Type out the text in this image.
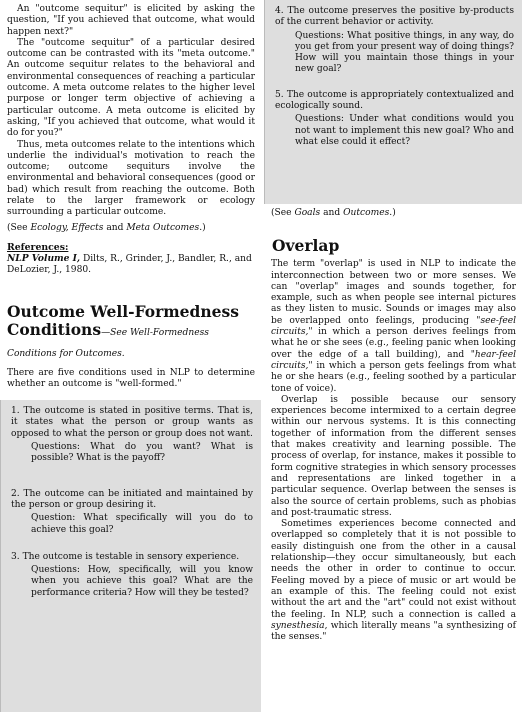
An "outcome sequitur" is elicited by asking the question, "If you achieved that outcome, what would happen next?"

The "outcome sequitur" of a particular desired outcome can be contrasted with its "meta outcome." An outcome sequitur relates to the behavioral and environmental consequences of reaching a particular outcome. A meta outcome relates to the higher level purpose or longer term objective of achieving a particular outcome. A meta outcome is elicited by asking, "If you achieved that outcome, what would it do for you?"

Thus, meta outcomes relate to the intentions which underlie the individual's motivation to reach the outcome; outcome sequiturs involve the environmental and behavioral consequences (good or bad) which result from reaching the outcome. Both relate to the larger framework or ecology surrounding a particular outcome.

(See Ecology, Effects and Meta Outcomes.)

References:
NLP Volume I, Dilts, R., Grinder, J., Bandler, R., and DeLozier, J., 1980.
Outcome Well-Formedness
Conditions—See Well-Formedness Conditions for Outcomes.

There are five conditions used in NLP to determine whether an outcome is "well-formed."

1. The outcome is stated in positive terms. That is, it states what the person or group wants as opposed to what the person or group does not want.
Questions: What do you want? What is possible? What is the payoff?
2. The outcome can be initiated and maintained by the person or group desiring it.
Question: What specifically will you do to achieve this goal?
3. The outcome is testable in sensory experience.
Questions: How, specifically, will you know when you achieve this goal? What are the performance criteria? How will they be tested?
4. The outcome preserves the positive by-products of the current behavior or activity.
Questions: What positive things, in any way, do you get from your present way of doing things? How will you maintain those things in your new goal?
5. The outcome is appropriately contextualized and ecologically sound.
Questions: Under what conditions would you not want to implement this new goal? Who and what else could it effect?

(See Goals and Outcomes.)

Overlap

The term "overlap" is used in NLP to indicate the interconnection between two or more senses. We can "overlap" images and sounds together, for example, such as when people see internal pictures as they listen to music. Sounds or images may also be overlapped onto feelings, producing "see-feel circuits," in which a person derives feelings from what he or she sees (e.g., feeling panic when looking over the edge of a tall building), and "hear-feel circuits," in which a person gets feelings from what he or she hears (e.g., feeling soothed by a particular tone of voice).

Overlap is possible because our sensory experiences become intermixed to a certain degree within our nervous systems. It is this connecting together of information from the different senses that makes creativity and learning possible. The process of overlap, for instance, makes it possible to form cognitive strategies in which sensory processes and representations are linked together in a particular sequence. Overlap between the senses is also the source of certain problems, such as phobias and post-traumatic stress.

Sometimes experiences become connected and overlapped so completely that it is not possible to easily distinguish one from the other in a causal relationship—they occur simultaneously, but each needs the other in order to continue to occur. Feeling moved by a piece of music or art would be an example of this. The feeling could not exist without the art and the "art" could not exist without the feeling. In NLP, such a connection is called a synesthesia, which literally means "a synthesizing of the senses."
